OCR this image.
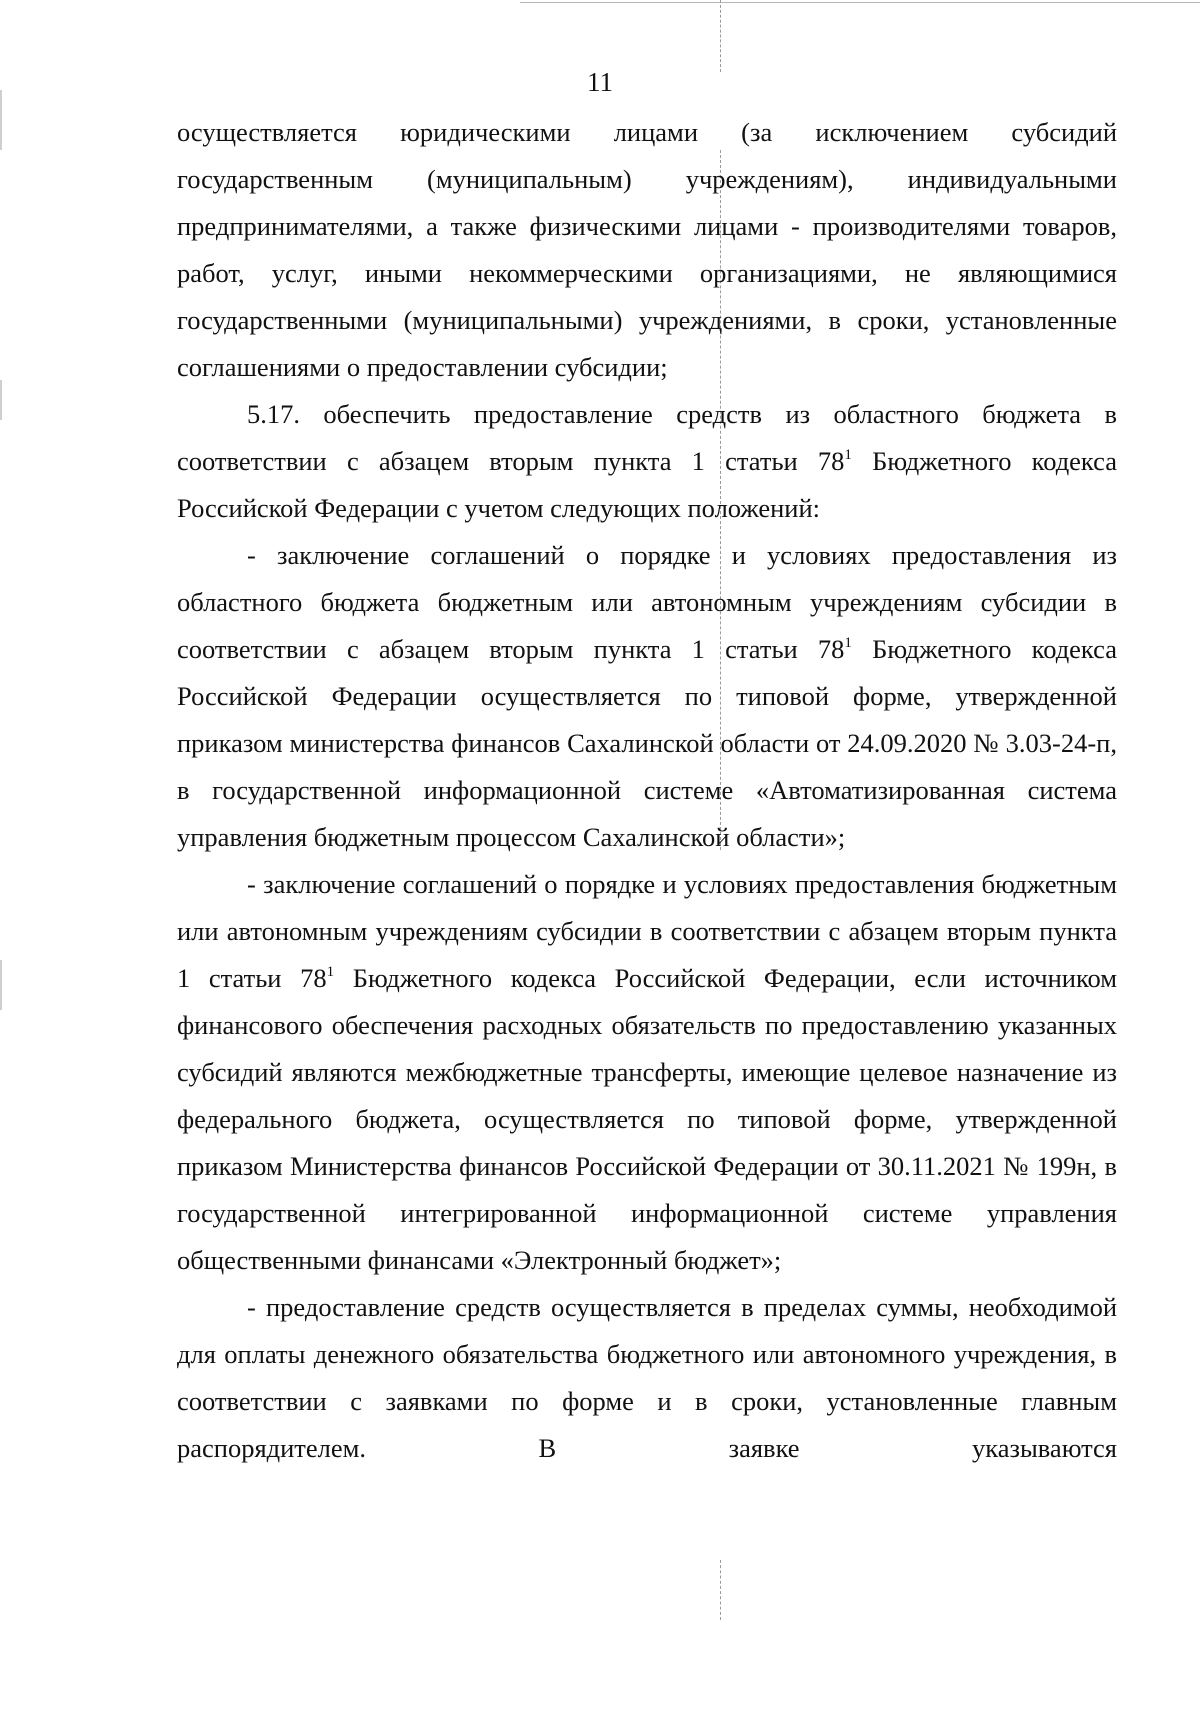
11

осуществляется юридическими лицами (за исключением субсидий государственным (муниципальным) учреждениям), индивидуальными предпринимателями, а также физическими лицами - производителями товаров, работ, услуг, иными некоммерческими организациями, не являющимися государственными (муниципальными) учреждениями, в сроки, установленные соглашениями о предоставлении субсидии;

5.17. обеспечить предоставление средств из областного бюджета в соответствии с абзацем вторым пункта 1 статьи $78^1$ Бюджетного кодекса Российской Федерации с учетом следующих положений:

- заключение соглашений о порядке и условиях предоставления из областного бюджета бюджетным или автономным учреждениям субсидии в соответствии с абзацем вторым пункта 1 статьи $78^1$ Бюджетного кодекса Российской Федерации осуществляется по типовой форме, утвержденной приказом министерства финансов Сахалинской области от 24.09.2020 № 3.03-24-п, в государственной информационной системе «Автоматизированная система управления бюджетным процессом Сахалинской области»;

- заключение соглашений о порядке и условиях предоставления бюджетным или автономным учреждениям субсидии в соответствии с абзацем вторым пункта 1 статьи $78^1$ Бюджетного кодекса Российской Федерации, если источником финансового обеспечения расходных обязательств по предоставлению указанных субсидий являются межбюджетные трансферты, имеющие целевое назначение из федерального бюджета, осуществляется по типовой форме, утвержденной приказом Министерства финансов Российской Федерации от 30.11.2021 № 199н, в государственной интегрированной информационной системе управления общественными финансами «Электронный бюджет»;

- предоставление средств осуществляется в пределах суммы, необходимой для оплаты денежного обязательства бюджетного или автономного учреждения, в соответствии с заявками по форме и в сроки, установленные главным распорядителем. В заявке указываются
